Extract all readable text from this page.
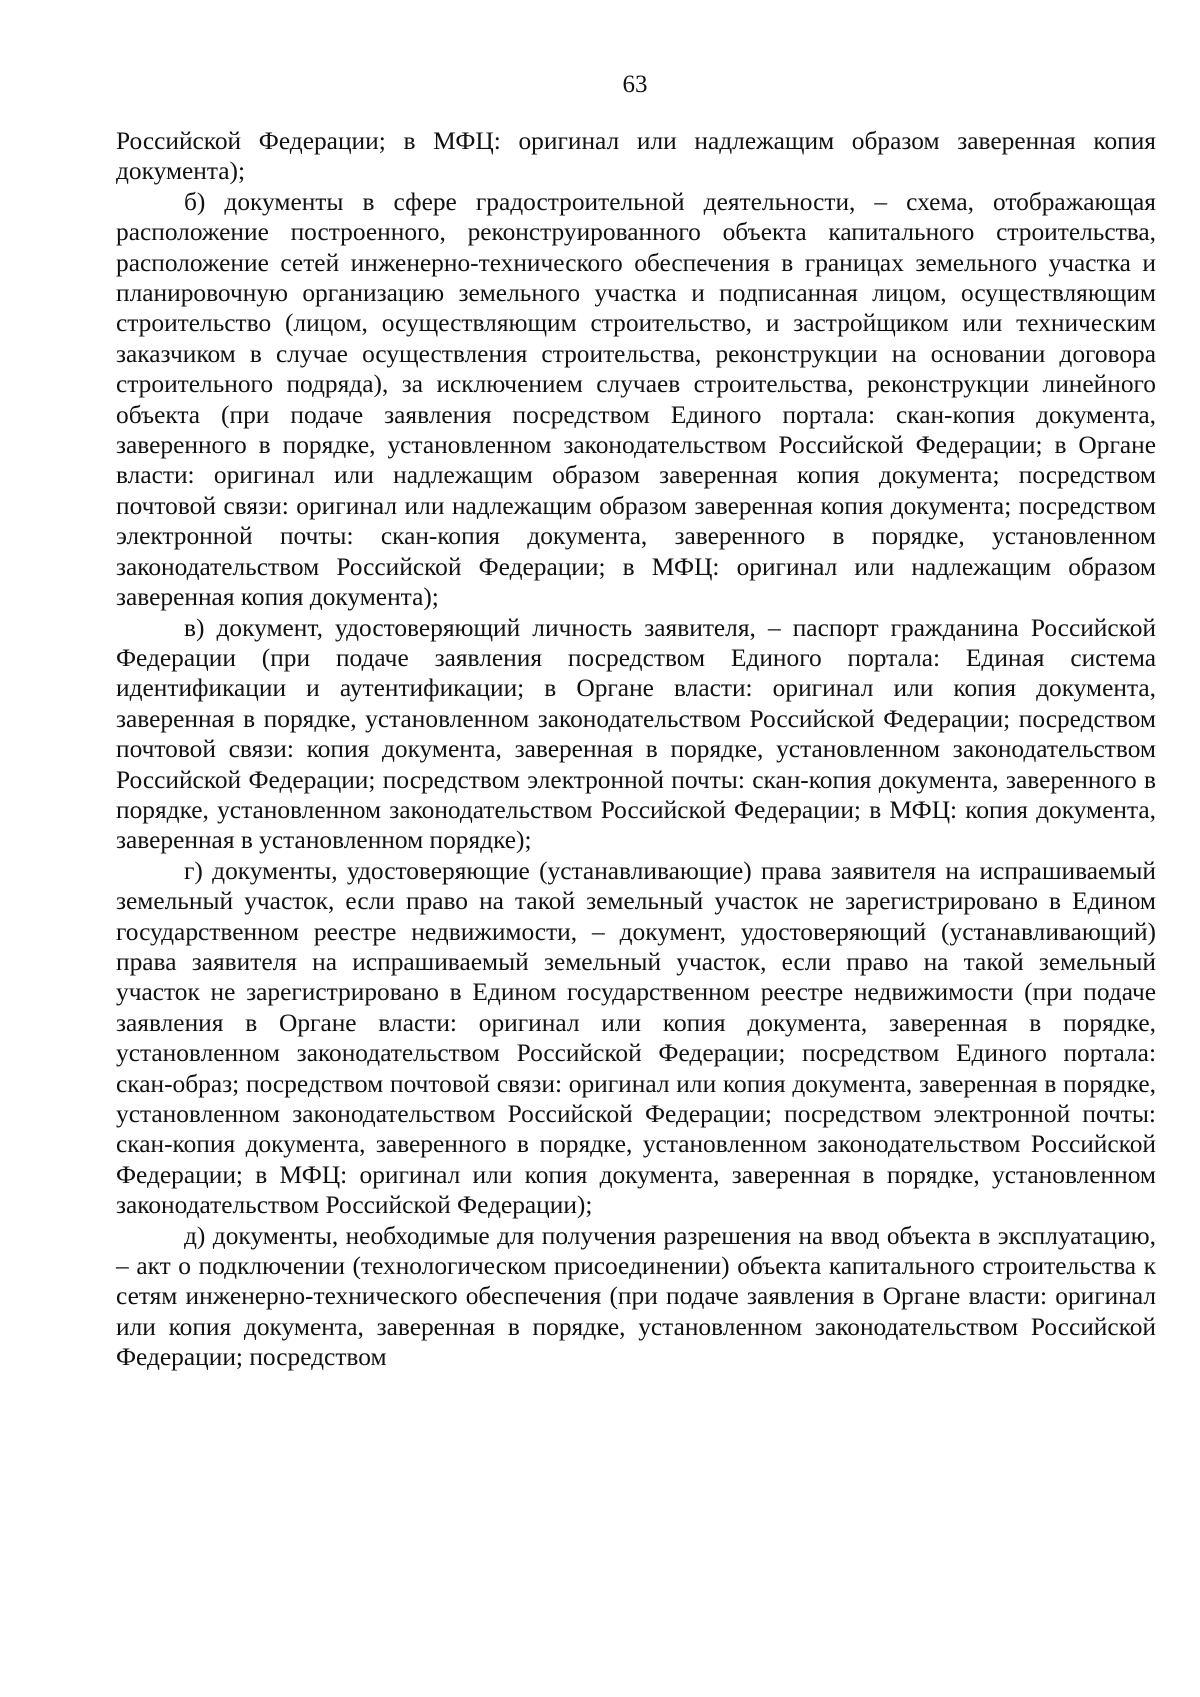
63

Российской Федерации; в МФЦ: оригинал или надлежащим образом заверенная копия документа);

б) документы в сфере градостроительной деятельности, – схема, отображающая расположение построенного, реконструированного объекта капитального строительства, расположение сетей инженерно-технического обеспечения в границах земельного участка и планировочную организацию земельного участка и подписанная лицом, осуществляющим строительство (лицом, осуществляющим строительство, и застройщиком или техническим заказчиком в случае осуществления строительства, реконструкции на основании договора строительного подряда), за исключением случаев строительства, реконструкции линейного объекта (при подаче заявления посредством Единого портала: скан-копия документа, заверенного в порядке, установленном законодательством Российской Федерации; в Органе власти: оригинал или надлежащим образом заверенная копия документа; посредством почтовой связи: оригинал или надлежащим образом заверенная копия документа; посредством электронной почты: скан-копия документа, заверенного в порядке, установленном законодательством Российской Федерации; в МФЦ: оригинал или надлежащим образом заверенная копия документа);

в) документ, удостоверяющий личность заявителя, – паспорт гражданина Российской Федерации (при подаче заявления посредством Единого портала: Единая система идентификации и аутентификации; в Органе власти: оригинал или копия документа, заверенная в порядке, установленном законодательством Российской Федерации; посредством почтовой связи: копия документа, заверенная в порядке, установленном законодательством Российской Федерации; посредством электронной почты: скан-копия документа, заверенного в порядке, установленном законодательством Российской Федерации; в МФЦ: копия документа, заверенная в установленном порядке);

г) документы, удостоверяющие (устанавливающие) права заявителя на испрашиваемый земельный участок, если право на такой земельный участок не зарегистрировано в Едином государственном реестре недвижимости, – документ, удостоверяющий (устанавливающий) права заявителя на испрашиваемый земельный участок, если право на такой земельный участок не зарегистрировано в Едином государственном реестре недвижимости (при подаче заявления в Органе власти: оригинал или копия документа, заверенная в порядке, установленном законодательством Российской Федерации; посредством Единого портала: скан-образ; посредством почтовой связи: оригинал или копия документа, заверенная в порядке, установленном законодательством Российской Федерации; посредством электронной почты: скан-копия документа, заверенного в порядке, установленном законодательством Российской Федерации; в МФЦ: оригинал или копия документа, заверенная в порядке, установленном законодательством Российской Федерации);

д) документы, необходимые для получения разрешения на ввод объекта в эксплуатацию, – акт о подключении (технологическом присоединении) объекта капитального строительства к сетям инженерно-технического обеспечения (при подаче заявления в Органе власти: оригинал или копия документа, заверенная в порядке, установленном законодательством Российской Федерации; посредством
